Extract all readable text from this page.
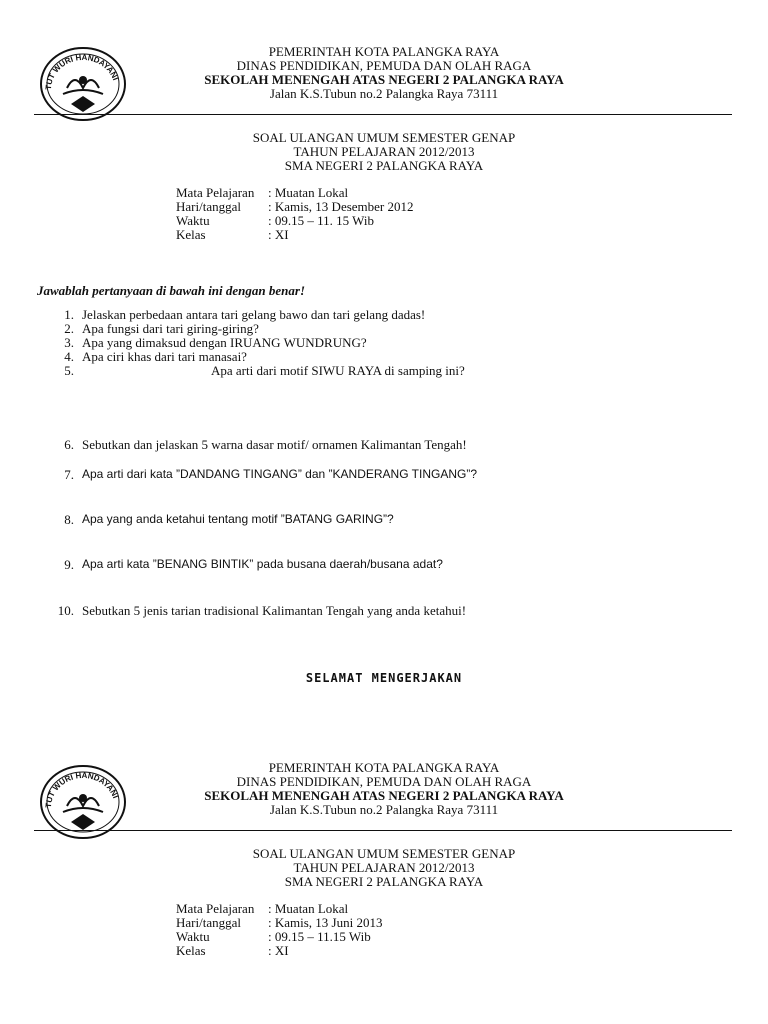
TUT WURI HANDAYANI
PEMERINTAH KOTA PALANGKA RAYA
DINAS PENDIDIKAN, PEMUDA DAN OLAH RAGA
SEKOLAH MENENGAH ATAS NEGERI 2 PALANGKA RAYA
Jalan K.S.Tubun no.2 Palangka Raya 73111
SOAL ULANGAN UMUM SEMESTER GENAP
TAHUN PELAJARAN 2012/2013
SMA NEGERI 2 PALANGKA RAYA
Mata Pelajaran : Muatan Lokal
Hari/tanggal : Kamis, 13 Desember 2012
Waktu	: 09.15 – 11. 15 Wib
Kelas	: XI
Jawablah pertanyaan di bawah ini dengan benar!
1. Jelaskan perbedaan antara tari gelang bawo dan tari gelang dadas!
2. Apa fungsi dari tari giring-giring?
3. Apa yang dimaksud dengan IRUANG WUNDRUNG?
4. Apa ciri khas dari tari manasai?
5.	Apa arti dari motif SIWU RAYA di samping ini?
6. Sebutkan dan jelaskan 5 warna dasar motif/ ornamen Kalimantan Tengah!
7. Apa arti dari kata ”DANDANG TINGANG” dan ”KANDERANG TINGANG”?
8. Apa yang anda ketahui tentang motif ”BATANG GARING”?
9. Apa arti kata ”BENANG BINTIK” pada busana daerah/busana adat?
10. Sebutkan 5 jenis tarian tradisional Kalimantan Tengah yang anda ketahui!
SELAMAT MENGERJAKAN
TUT WURI HANDAYANI
PEMERINTAH KOTA PALANGKA RAYA
DINAS PENDIDIKAN, PEMUDA DAN OLAH RAGA
SEKOLAH MENENGAH ATAS NEGERI 2 PALANGKA RAYA
Jalan K.S.Tubun no.2 Palangka Raya 73111
SOAL ULANGAN UMUM SEMESTER GENAP
TAHUN PELAJARAN 2012/2013
SMA NEGERI 2 PALANGKA RAYA
Mata Pelajaran : Muatan Lokal
Hari/tanggal : Kamis, 13 Juni 2013
Waktu	: 09.15 – 11.15 Wib
Kelas	: XI
